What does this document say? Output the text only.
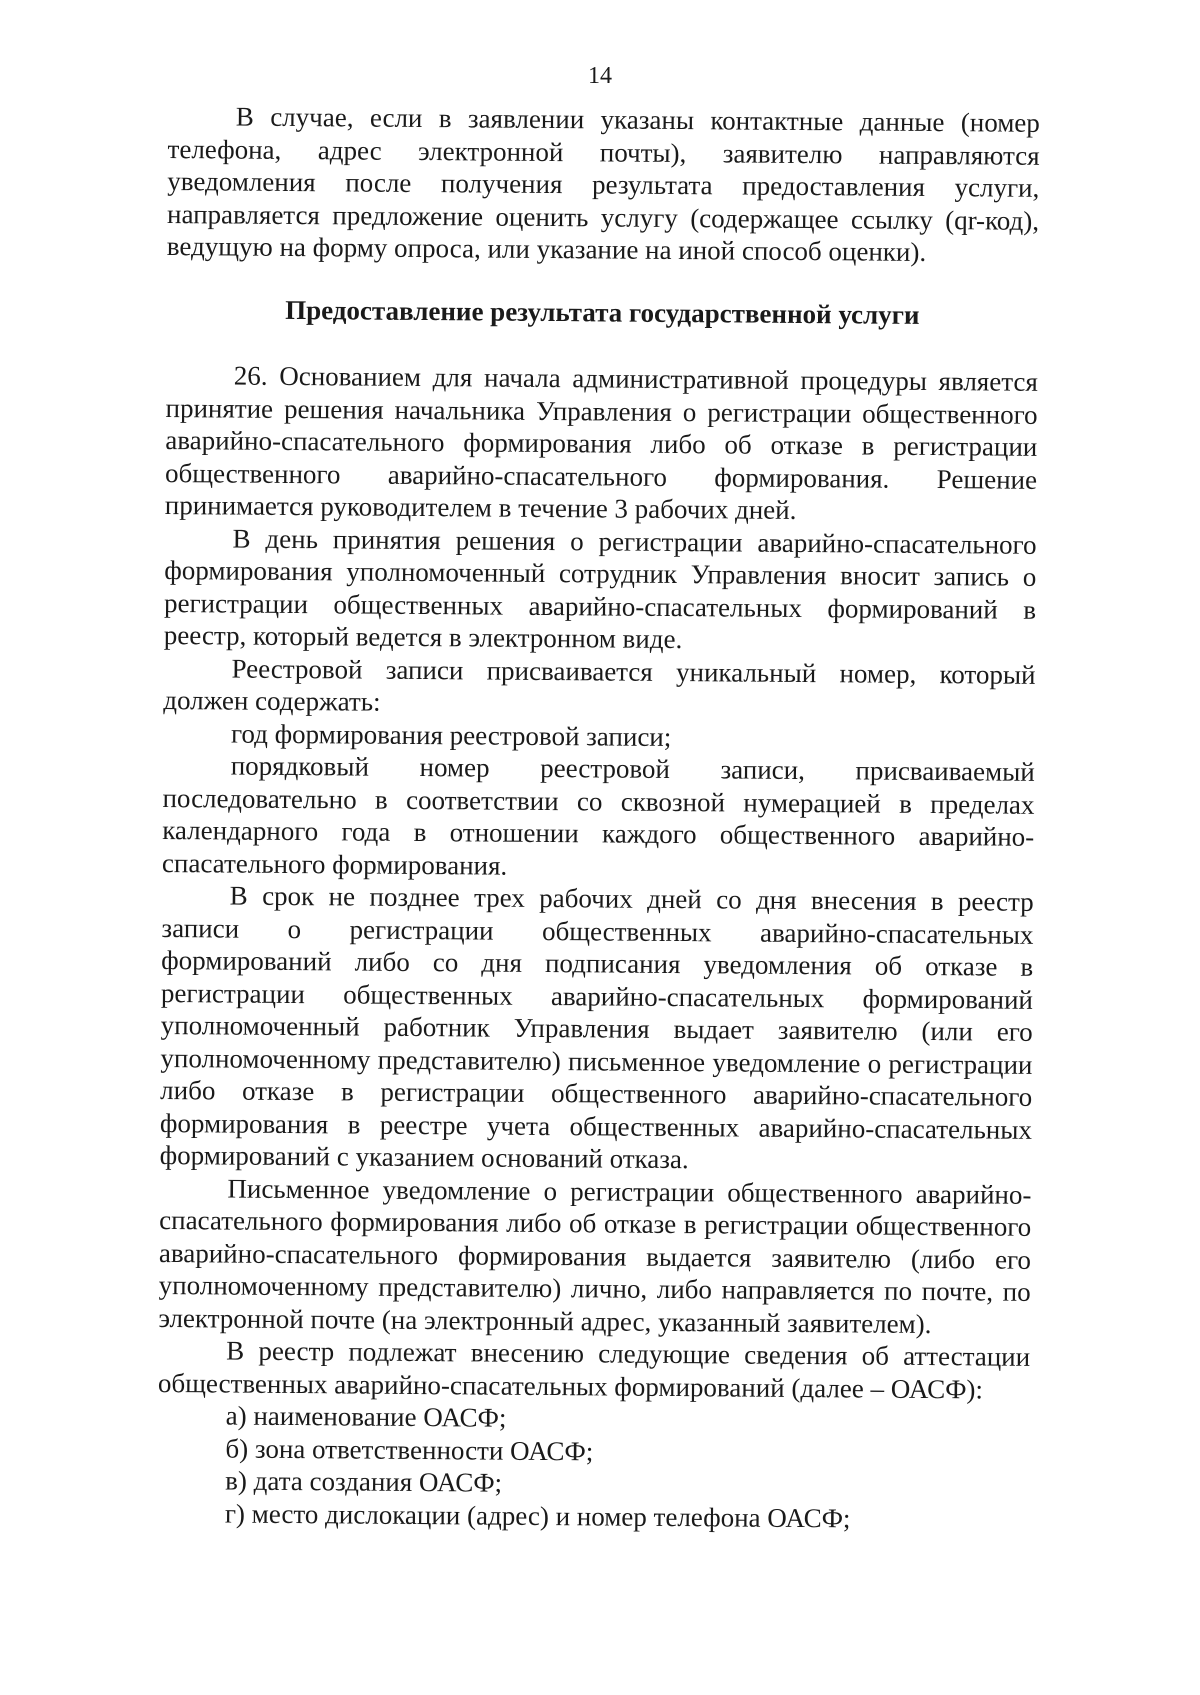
14

В случае, если в заявлении указаны контактные данные (номер телефона, адрес электронной почты), заявителю направляются уведомления после получения результата предоставления услуги, направляется предложение оценить услугу (содержащее ссылку (qr-код), ведущую на форму опроса, или указание на иной способ оценки).

Предоставление результата государственной услуги

26. Основанием для начала административной процедуры является принятие решения начальника Управления о регистрации общественного аварийно-спасательного формирования либо об отказе в регистрации общественного аварийно-спасательного формирования. Решение принимается руководителем в течение 3 рабочих дней.

В день принятия решения о регистрации аварийно-спасательного формирования уполномоченный сотрудник Управления вносит запись о регистрации общественных аварийно-спасательных формирований в реестр, который ведется в электронном виде.

Реестровой записи присваивается уникальный номер, который должен содержать:

год формирования реестровой записи;

порядковый номер реестровой записи, присваиваемый последовательно в соответствии со сквозной нумерацией в пределах календарного года в отношении каждого общественного аварийно-спасательного формирования.

В срок не позднее трех рабочих дней со дня внесения в реестр записи о регистрации общественных аварийно-спасательных формирований либо со дня подписания уведомления об отказе в регистрации общественных аварийно-спасательных формирований уполномоченный работник Управления выдает заявителю (или его уполномоченному представителю) письменное уведомление о регистрации либо отказе в регистрации общественного аварийно-спасательного формирования в реестре учета общественных аварийно-спасательных формирований с указанием оснований отказа.

Письменное уведомление о регистрации общественного аварийно-спасательного формирования либо об отказе в регистрации общественного аварийно-спасательного формирования выдается заявителю (либо его уполномоченному представителю) лично, либо направляется по почте, по электронной почте (на электронный адрес, указанный заявителем).

В реестр подлежат внесению следующие сведения об аттестации общественных аварийно-спасательных формирований (далее – ОАСФ):

а) наименование ОАСФ;

б) зона ответственности ОАСФ;

в) дата создания ОАСФ;

г) место дислокации (адрес) и номер телефона ОАСФ;
